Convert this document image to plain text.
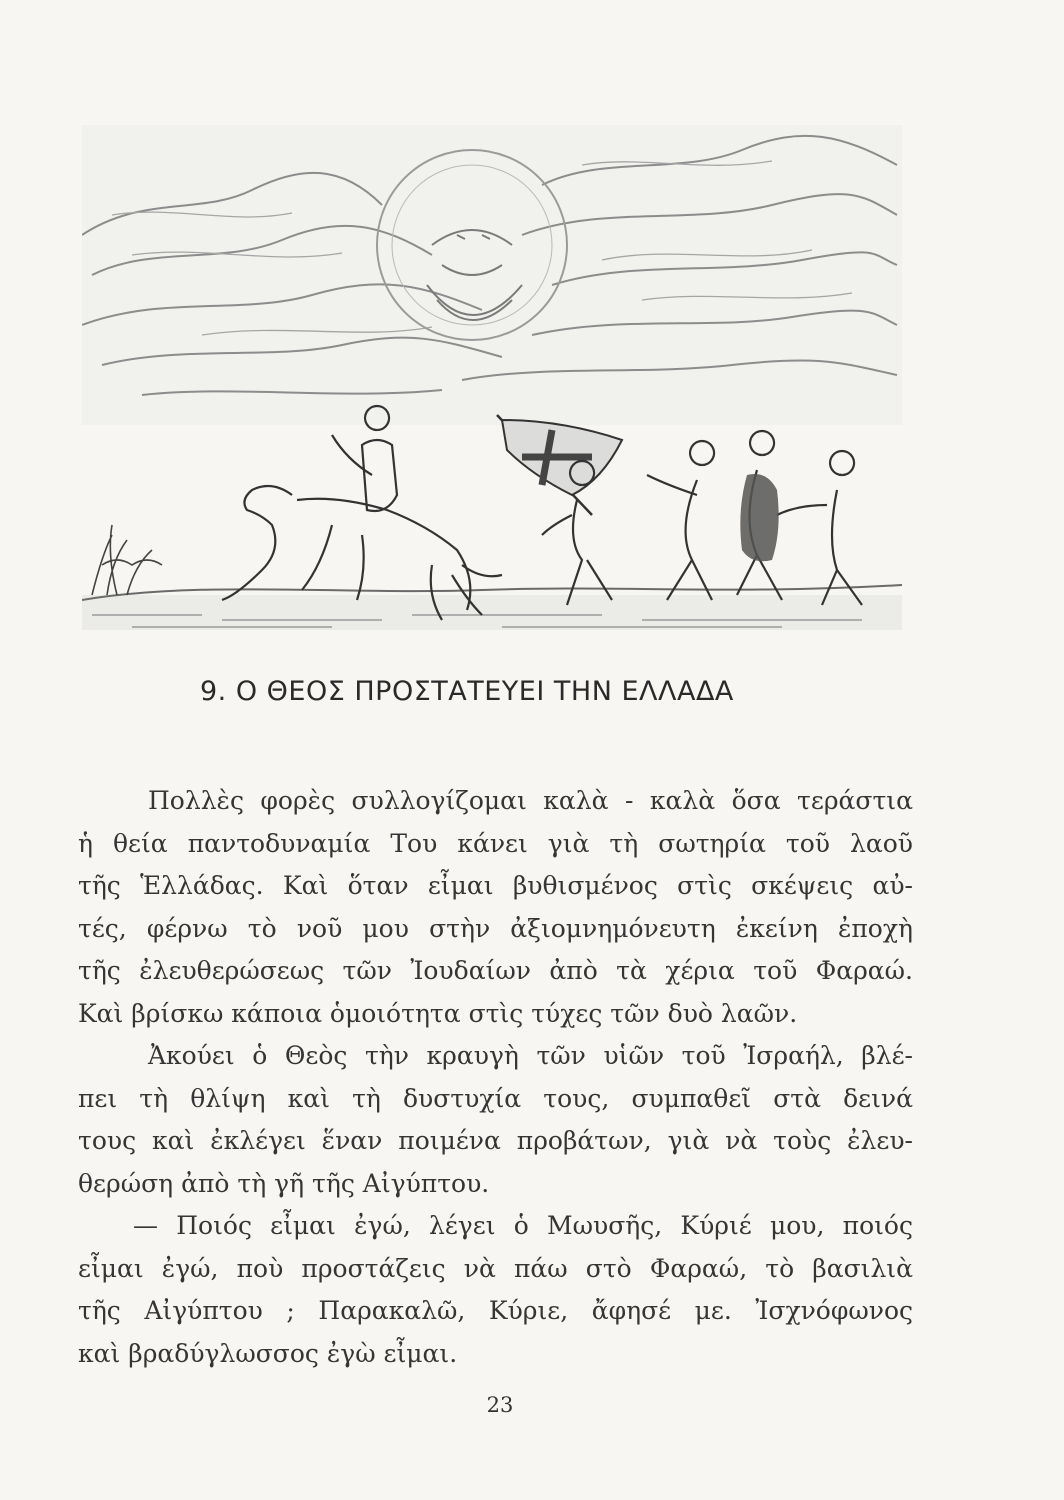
9. Ο ΘΕΟΣ ΠΡΟΣΤΑΤΕΥΕΙ ΤΗΝ ΕΛΛΑΔΑ
Πολλὲς φορὲς συλλογίζομαι καλὰ - καλὰ ὅσα τεράστια
ἡ θεία παντοδυναμία Του κάνει γιὰ τὴ σωτηρία τοῦ λαοῦ
τῆς Ἑλλάδας. Καὶ ὅταν εἶμαι βυθισμένος στὶς σκέψεις αὐ-
τές, φέρνω τὸ νοῦ μου στὴν ἀξιομνημόνευτη ἐκείνη ἐποχὴ
τῆς ἐλευθερώσεως τῶν Ἰουδαίων ἀπὸ τὰ χέρια τοῦ Φαραώ.
Καὶ βρίσκω κάποια ὁμοιότητα στὶς τύχες τῶν δυὸ λαῶν.
Ἀκούει ὁ Θεὸς τὴν κραυγὴ τῶν υἱῶν τοῦ Ἰσραήλ, βλέ-
πει τὴ θλίψη καὶ τὴ δυστυχία τους, συμπαθεῖ στὰ δεινά
τους καὶ ἐκλέγει ἕναν ποιμένα προβάτων, γιὰ νὰ τοὺς ἐλευ-
θερώση ἀπὸ τὴ γῆ τῆς Αἰγύπτου.
— Ποιός εἶμαι ἐγώ, λέγει ὁ Μωυσῆς, Κύριέ μου, ποιός
εἶμαι ἐγώ, ποὺ προστάζεις νὰ πάω στὸ Φαραώ, τὸ βασιλιὰ
τῆς Αἰγύπτου ; Παρακαλῶ, Κύριε, ἄφησέ με. Ἰσχνόφωνος
καὶ βραδύγλωσσος ἐγὼ εἶμαι.
23
